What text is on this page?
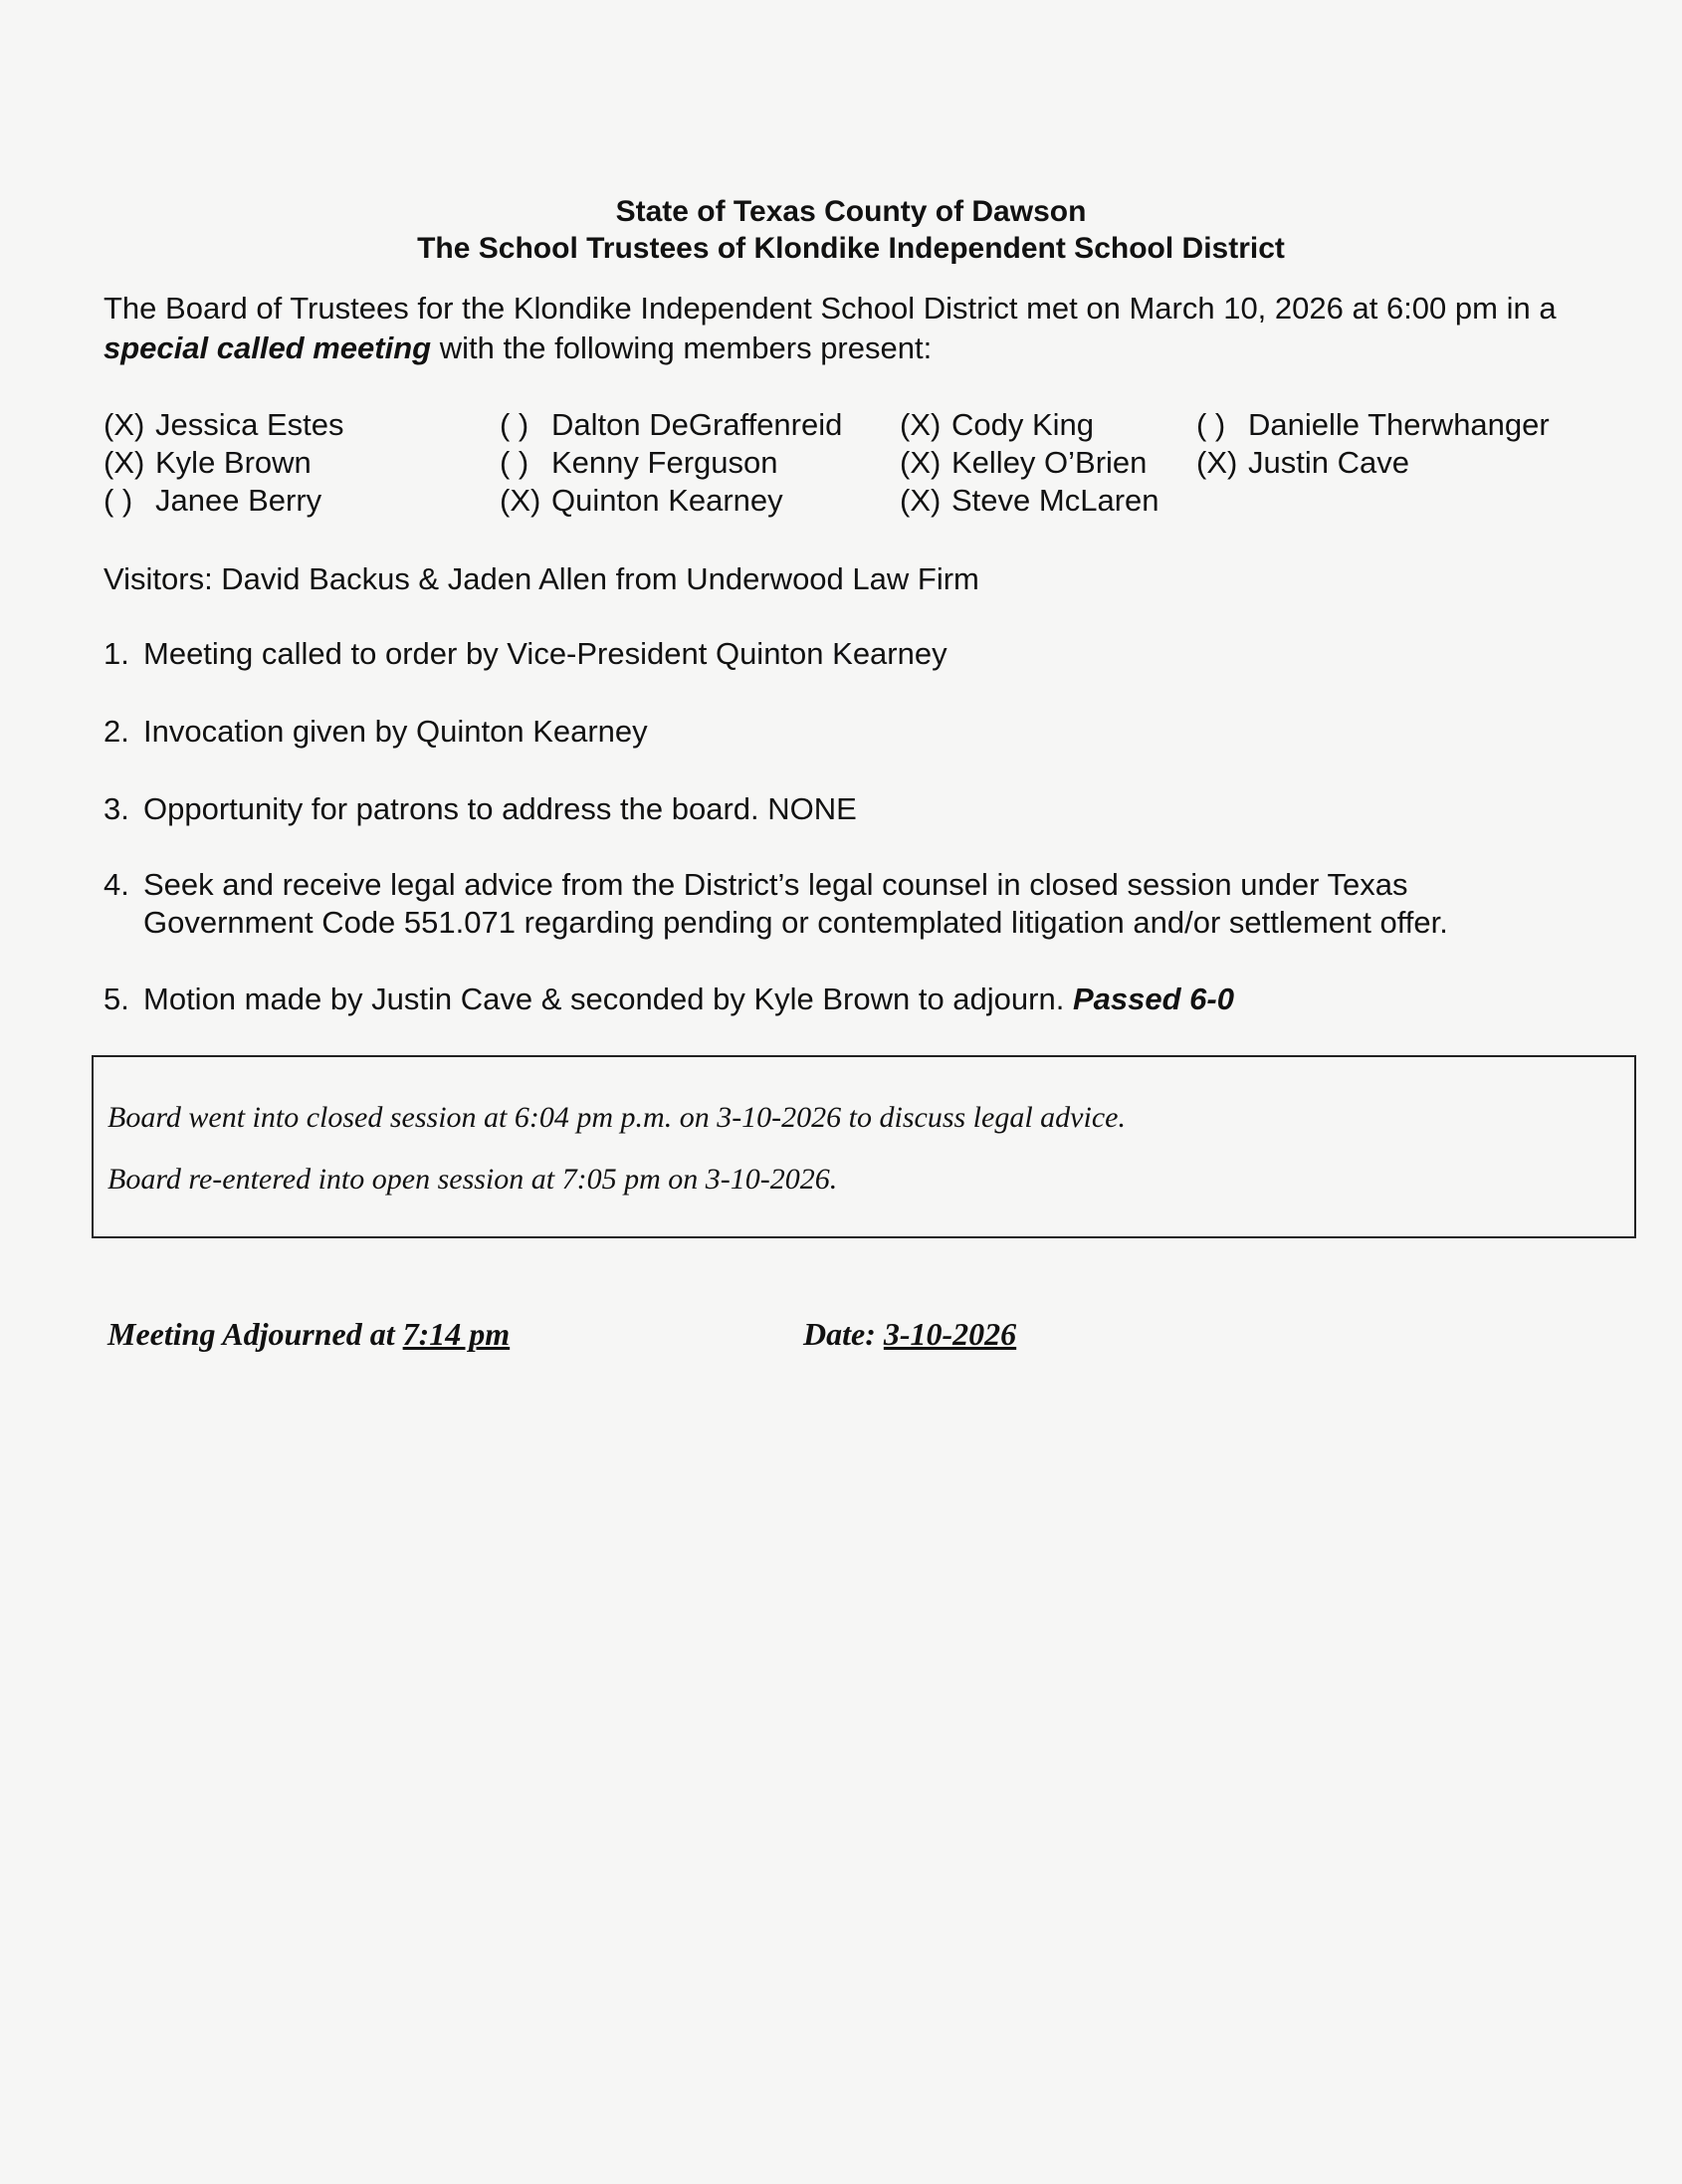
State of Texas County of Dawson
The School Trustees of Klondike Independent School District
The Board of Trustees for the Klondike Independent School District met on March 10, 2026 at 6:00 pm in a special called meeting with the following members present:
(X) Jessica Estes
(X) Kyle Brown
( ) Janee Berry
( ) Dalton DeGraffenreid
( ) Kenny Ferguson
(X) Quinton Kearney
(X) Cody King
(X) Kelley O’Brien
(X) Steve McLaren
( ) Danielle Therwhanger
(X) Justin Cave
Visitors: David Backus & Jaden Allen from Underwood Law Firm
1. Meeting called to order by Vice-President Quinton Kearney
2. Invocation given by Quinton Kearney
3. Opportunity for patrons to address the board. NONE
4. Seek and receive legal advice from the District’s legal counsel in closed session under Texas
Government Code 551.071 regarding pending or contemplated litigation and/or settlement offer.
5. Motion made by Justin Cave & seconded by Kyle Brown to adjourn. Passed 6-0
Board went into closed session at 6:04 pm p.m. on 3-10-2026 to discuss legal advice.
Board re-entered into open session at 7:05 pm on 3-10-2026.
Meeting Adjourned at 7:14 pm	Date: 3-10-2026
